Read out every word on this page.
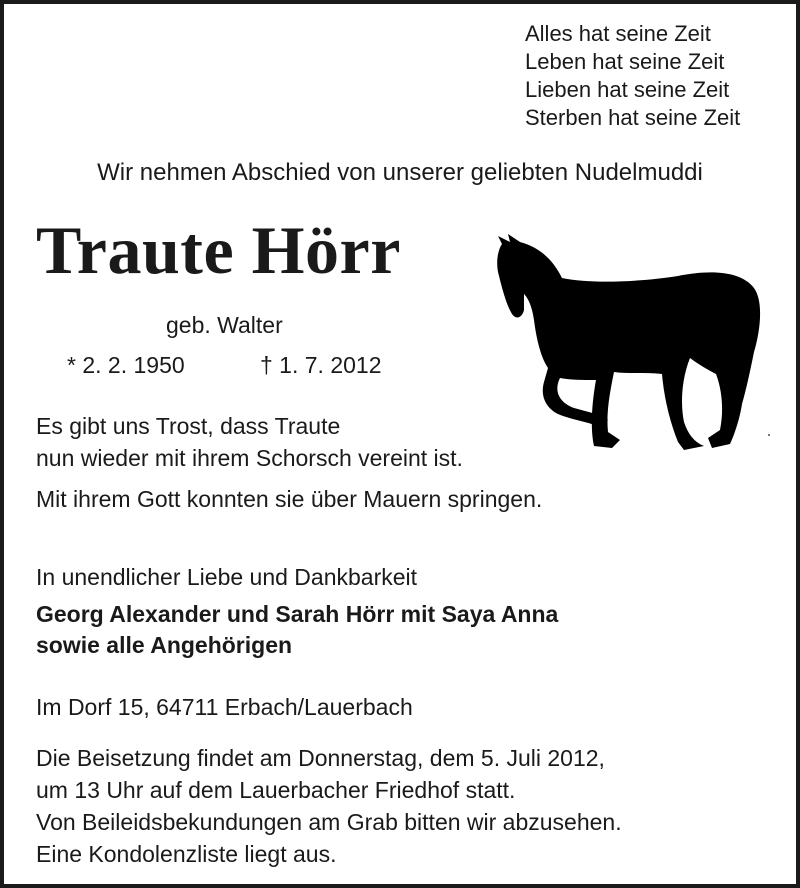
Alles hat seine Zeit
Leben hat seine Zeit
Lieben hat seine Zeit
Sterben hat seine Zeit
Wir nehmen Abschied von unserer geliebten Nudelmuddi
Traute Hörr
geb. Walter
* 2. 2. 1950	† 1. 7. 2012
Es gibt uns Trost, dass Traute
nun wieder mit ihrem Schorsch vereint ist.
Mit ihrem Gott konnten sie über Mauern springen.
In unendlicher Liebe und Dankbarkeit
Georg Alexander und Sarah Hörr mit Saya Anna
sowie alle Angehörigen
Im Dorf 15, 64711 Erbach/Lauerbach
Die Beisetzung findet am Donnerstag, dem 5. Juli 2012,
um 13 Uhr auf dem Lauerbacher Friedhof statt.
Von Beileidsbekundungen am Grab bitten wir abzusehen.
Eine Kondolenzliste liegt aus.
